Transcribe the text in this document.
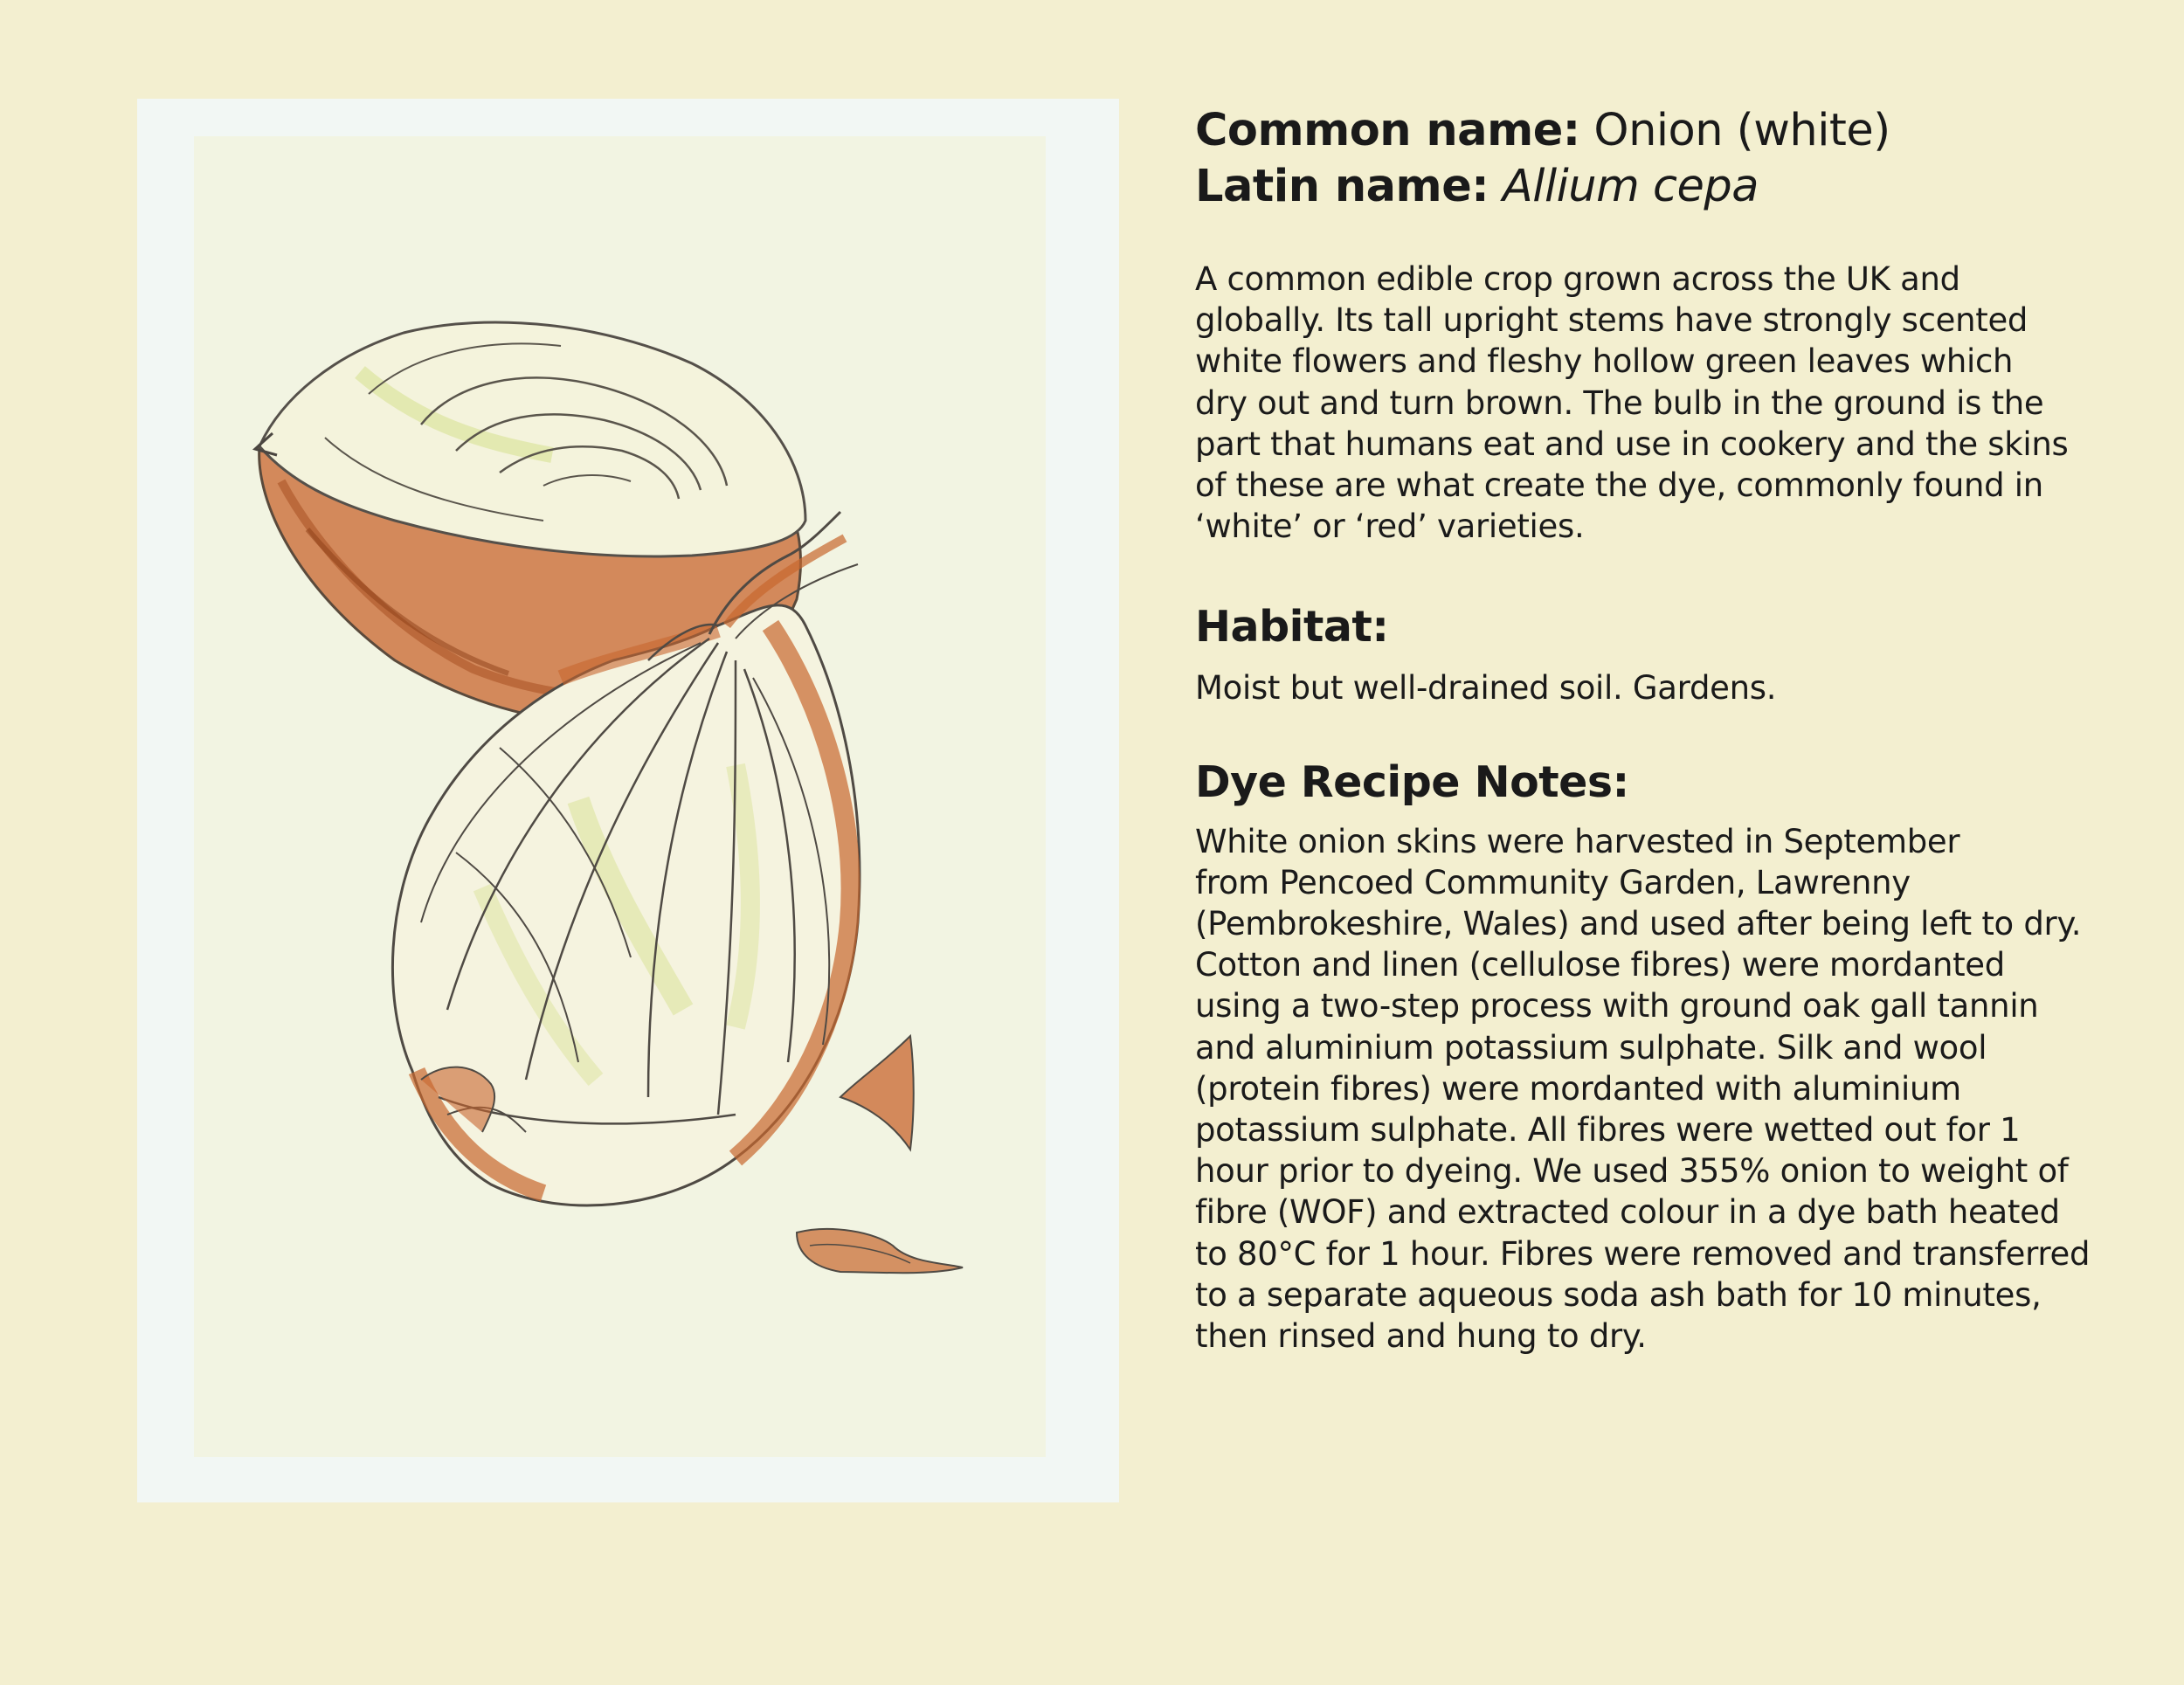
Common name: Onion (white)

Latin name: Allium cepa

A common edible crop grown across the UK and
globally. Its tall upright stems have strongly scented
white flowers and fleshy hollow green leaves which
dry out and turn brown. The bulb in the ground is the
part that humans eat and use in cookery and the skins
of these are what create the dye, commonly found in
‘white’ or ‘red’ varieties.

Habitat:

Moist but well-drained soil. Gardens.

Dye Recipe Notes:

White onion skins were harvested in September
from Pencoed Community Garden, Lawrenny
(Pembrokeshire, Wales) and used after being left to dry.
Cotton and linen (cellulose fibres) were mordanted
using a two-step process with ground oak gall tannin
and aluminium potassium sulphate. Silk and wool
(protein fibres) were mordanted with aluminium
potassium sulphate. All fibres were wetted out for 1
hour prior to dyeing. We used 355% onion to weight of
fibre (WOF) and extracted colour in a dye bath heated
to 80°C for 1 hour. Fibres were removed and transferred
to a separate aqueous soda ash bath for 10 minutes,
then rinsed and hung to dry.
